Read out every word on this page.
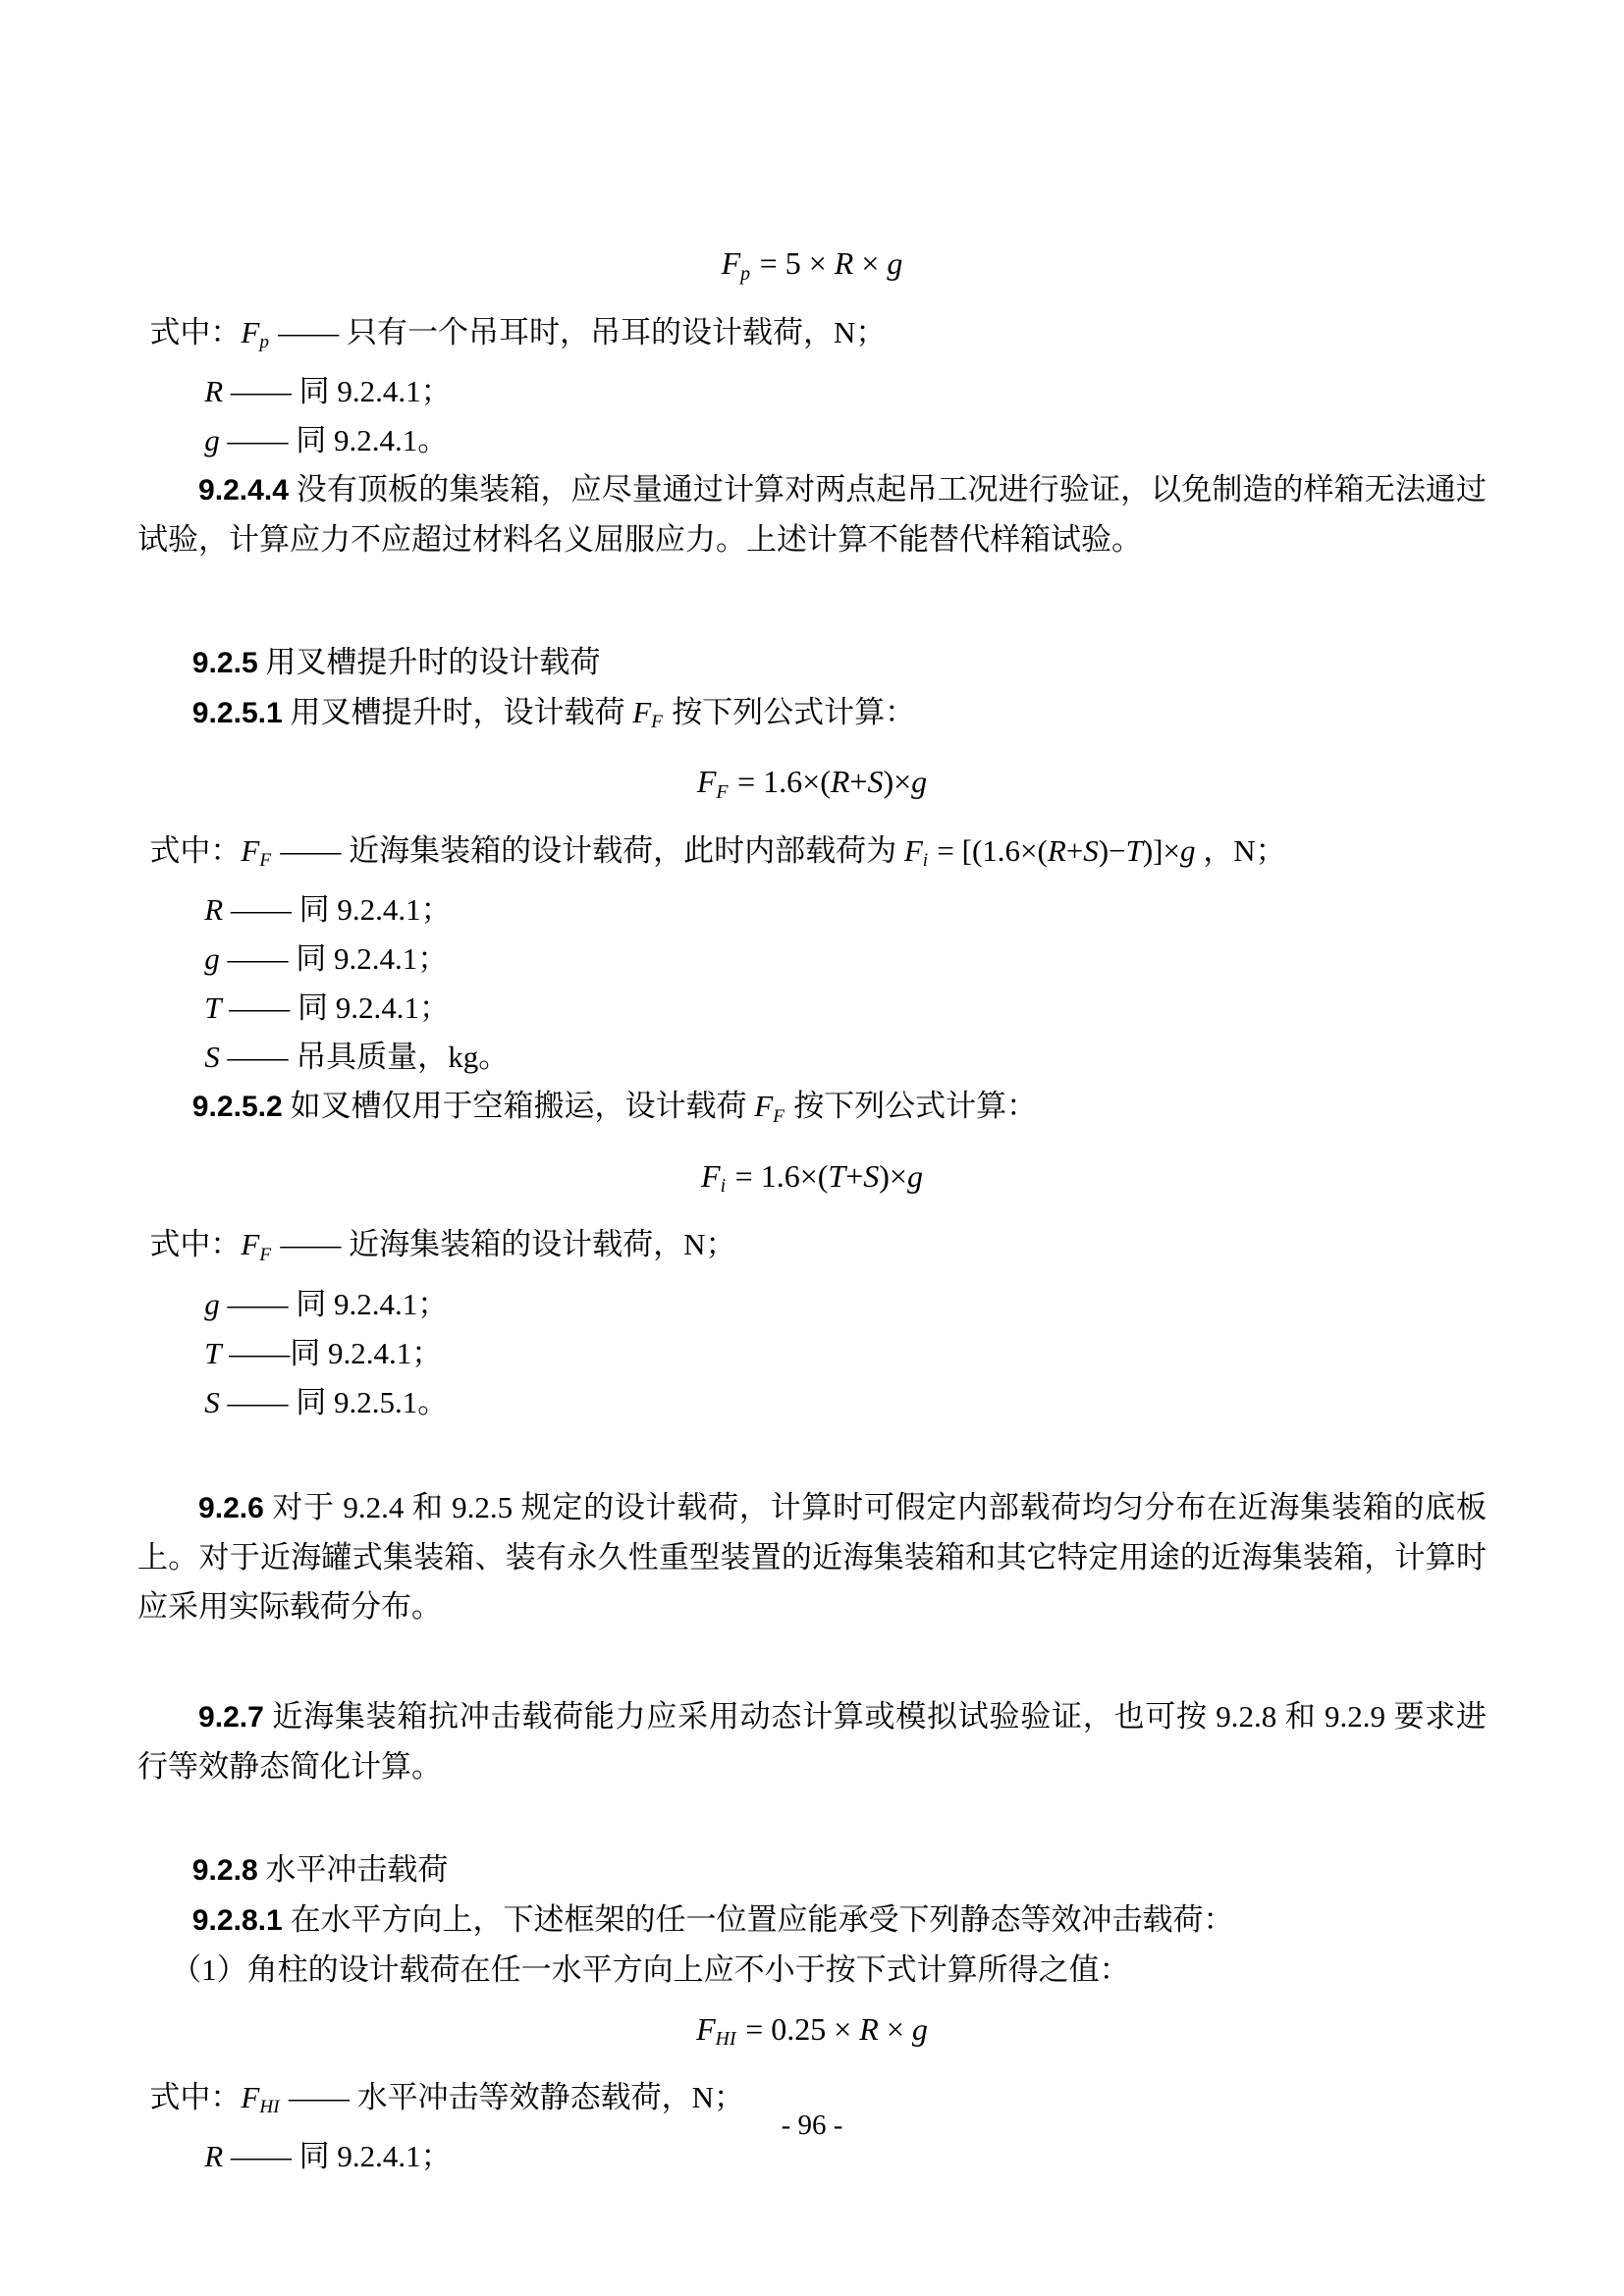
Fp = 5 × R × g
式中：Fp —— 只有一个吊耳时，吊耳的设计载荷，N；
R —— 同 9.2.4.1；
g —— 同 9.2.4.1。
9.2.4.4 没有顶板的集装箱，应尽量通过计算对两点起吊工况进行验证，以免制造的样箱无法通过试验，计算应力不应超过材料名义屈服应力。上述计算不能替代样箱试验。
9.2.5 用叉槽提升时的设计载荷
9.2.5.1 用叉槽提升时，设计载荷 FF 按下列公式计算：
FF = 1.6×(R+S)×g
式中：FF —— 近海集装箱的设计载荷，此时内部载荷为 Fi = [(1.6×(R+S)−T)]×g ，N；
R —— 同 9.2.4.1；
g —— 同 9.2.4.1；
T —— 同 9.2.4.1；
S —— 吊具质量，kg。
9.2.5.2 如叉槽仅用于空箱搬运，设计载荷 FF 按下列公式计算：
Fi = 1.6×(T+S)×g
式中：FF —— 近海集装箱的设计载荷，N；
g —— 同 9.2.4.1；
T ——同 9.2.4.1；
S —— 同 9.2.5.1。
9.2.6 对于 9.2.4 和 9.2.5 规定的设计载荷，计算时可假定内部载荷均匀分布在近海集装箱的底板上。对于近海罐式集装箱、装有永久性重型装置的近海集装箱和其它特定用途的近海集装箱，计算时应采用实际载荷分布。
9.2.7 近海集装箱抗冲击载荷能力应采用动态计算或模拟试验验证，也可按 9.2.8 和 9.2.9 要求进行等效静态简化计算。
9.2.8 水平冲击载荷
9.2.8.1 在水平方向上，下述框架的任一位置应能承受下列静态等效冲击载荷：
（1）角柱的设计载荷在任一水平方向上应不小于按下式计算所得之值：
FHI = 0.25 × R × g
式中：FHI —— 水平冲击等效静态载荷，N；
R —— 同 9.2.4.1；
- 96 -
